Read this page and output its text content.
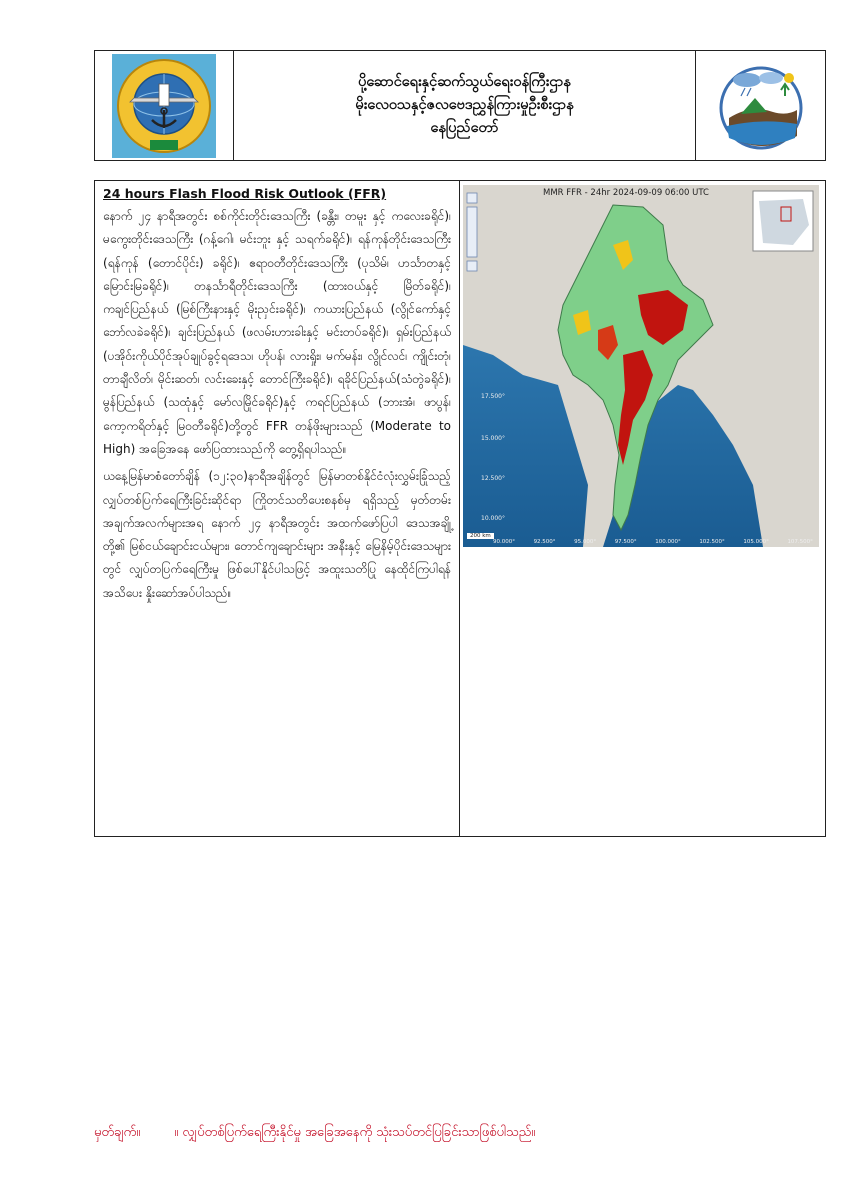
ပို့ဆောင်ရေးနှင့်ဆက်သွယ်ရေးဝန်ကြီးဌာန
မိုးလေဝသနှင့်ဇလဗေဒညွှန်ကြားမှုဦးစီးဌာန
နေပြည်တော်
24 hours Flash Flood Risk Outlook (FFR)

နောက် ၂၄ နာရီအတွင်း စစ်ကိုင်းတိုင်းဒေသကြီး (ခန္တီး၊ တမူး နှင့် ကလေးခရိုင်)၊ မကွေးတိုင်းဒေသကြီး (ဂန့်ဂေါ၊ မင်းဘူး နှင့် သရက်ခရိုင်)၊ ရန်ကုန်တိုင်းဒေသကြီး (ရန်ကုန် (တောင်ပိုင်း) ခရိုင်)၊ ဧရာဝတီတိုင်းဒေသကြီး (ပုသိမ်၊ ဟင်္သာတနှင့် မြောင်းမြခရိုင်)၊ တနင်္သာရီတိုင်းဒေသကြီး (ထားဝယ်နှင့် မြိတ်ခရိုင်)၊ ကချင်ပြည်နယ် (မြစ်ကြီးနားနှင့် မိုးညှင်းခရိုင်)၊ ကယားပြည်နယ် (လွိုင်ကော်နှင့် ဘော်လခဲခရိုင်)၊ ချင်းပြည်နယ် (ဖလမ်းဟားခါးနှင့် မင်းတပ်ခရိုင်)၊ ရှမ်းပြည်နယ် (ပအိုဝ်းကိုယ်ပိုင်အုပ်ချုပ်ခွင့်ရဒေသ၊ ဟိုပန်၊ လားရှိုး၊ မက်မန်း၊ လွိုင်လင်၊ ကျိုင်းတုံ၊ တာချီလိတ်၊ မိုင်းဆတ်၊ လင်းခေးနှင့် တောင်ကြီးခရိုင်)၊ ရခိုင်ပြည်နယ်(သံတွဲခရိုင်)၊ မွန်ပြည်နယ် (သထုံနှင့် မော်လမြိုင်ခရိုင်)နှင့် ကရင်ပြည်နယ် (ဘားအံ၊ ဖာပွန်၊ ကော့ကရိတ်နှင့် မြဝတီခရိုင်)တို့တွင် FFR တန်ဖိုးများသည် (Moderate to High) အခြေအနေ ဖော်ပြထားသည်ကို တွေ့ရှိရပါသည်။

ယနေ့မြန်မာစံတော်ချိန် (၁၂:၃၀)နာရီအချိန်တွင် မြန်မာတစ်နိုင်ငံလုံးလွှမ်းခြုံသည့် လျှပ်တစ်ပြက်ရေကြီးခြင်းဆိုင်ရာ ကြိုတင်သတိပေးစနစ်မှ ရရှိသည့် မှတ်တမ်းအချက်အလက်များအရ နောက် ၂၄ နာရီအတွင်း အထက်ဖော်ပြပါ ဒေသအချို့တို့၏ မြစ်ငယ်ချောင်းငယ်များ၊ တောင်ကျချောင်းများ အနီးနှင့် မြေနိမ့်ပိုင်းဒေသများတွင် လျှပ်တပြက်ရေကြီးမှု ဖြစ်ပေါ်နိုင်ပါသဖြင့် အထူးသတိပြု နေထိုင်ကြပါရန် အသိပေး နှိုးဆော်အပ်ပါသည်။

MMR FFR - 24hr 2024-09-09 06:00 UTC
17.500°
15.000°
12.500°
10.000°
90.000°	92.500°	95.000°	97.500°	100.000°	102.500°	105.000°	107.500°
200 km
မှတ်ချက်။	။ လျှပ်တစ်ပြက်ရေကြီးနိုင်မှု အခြေအနေကို သုံးသပ်တင်ပြခြင်းသာဖြစ်ပါသည်။
